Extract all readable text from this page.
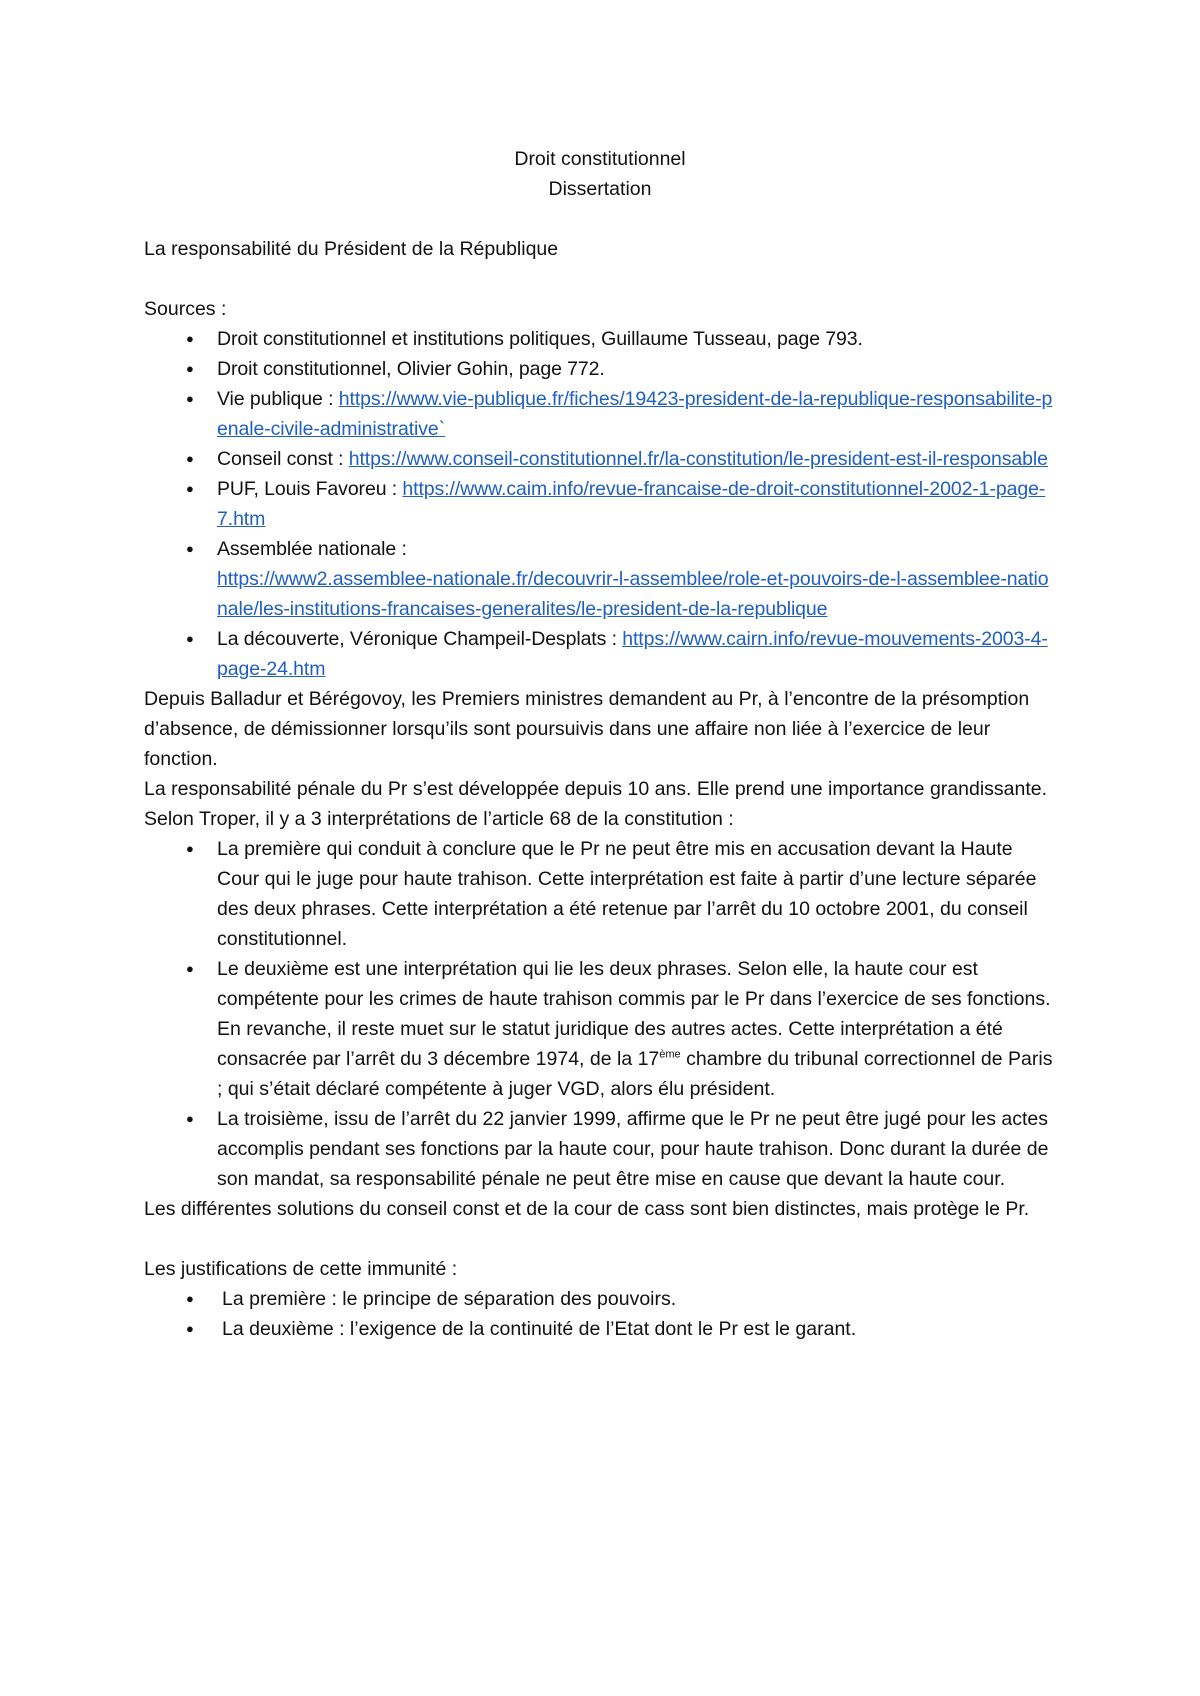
Droit constitutionnel

Dissertation

La responsabilité du Président de la République

Sources :

● Droit constitutionnel et institutions politiques, Guillaume Tusseau, page 793.
● Droit constitutionnel, Olivier Gohin, page 772.
● Vie publique : https://www.vie-publique.fr/fiches/19423-president-de-la-republique-responsabilite-penale-civile-administrative`
● Conseil const : https://www.conseil-constitutionnel.fr/la-constitution/le-president-est-il-responsable
● PUF, Louis Favoreu : https://www.caim.info/revue-francaise-de-droit-constitutionnel-2002-1-page-7.htm
● Assemblée nationale :
https://www2.assemblee-nationale.fr/decouvrir-l-assemblee/role-et-pouvoirs-de-l-assemblee-nationale/les-institutions-francaises-generalites/le-president-de-la-republique
● La découverte, Véronique Champeil-Desplats : https://www.cairn.info/revue-mouvements-2003-4-page-24.htm

Depuis Balladur et Bérégovoy, les Premiers ministres demandent au Pr, à l’encontre de la présomption d’absence, de démissionner lorsqu’ils sont poursuivis dans une affaire non liée à l’exercice de leur fonction.

La responsabilité pénale du Pr s’est développée depuis 10 ans. Elle prend une importance grandissante.

Selon Troper, il y a 3 interprétations de l’article 68 de la constitution :

● La première qui conduit à conclure que le Pr ne peut être mis en accusation devant la Haute Cour qui le juge pour haute trahison. Cette interprétation est faite à partir d’une lecture séparée des deux phrases. Cette interprétation a été retenue par l’arrêt du 10 octobre 2001, du conseil constitutionnel.
● Le deuxième est une interprétation qui lie les deux phrases. Selon elle, la haute cour est compétente pour les crimes de haute trahison commis par le Pr dans l’exercice de ses fonctions. En revanche, il reste muet sur le statut juridique des autres actes. Cette interprétation a été consacrée par l’arrêt du 3 décembre 1974, de la 17ème chambre du tribunal correctionnel de Paris ; qui s’était déclaré compétente à juger VGD, alors élu président.
● La troisième, issu de l’arrêt du 22 janvier 1999, affirme que le Pr ne peut être jugé pour les actes accomplis pendant ses fonctions par la haute cour, pour haute trahison. Donc durant la durée de son mandat, sa responsabilité pénale ne peut être mise en cause que devant la haute cour.

Les différentes solutions du conseil const et de la cour de cass sont bien distinctes, mais protège le Pr.

Les justifications de cette immunité :

● La première : le principe de séparation des pouvoirs.
● La deuxième : l’exigence de la continuité de l’Etat dont le Pr est le garant.
